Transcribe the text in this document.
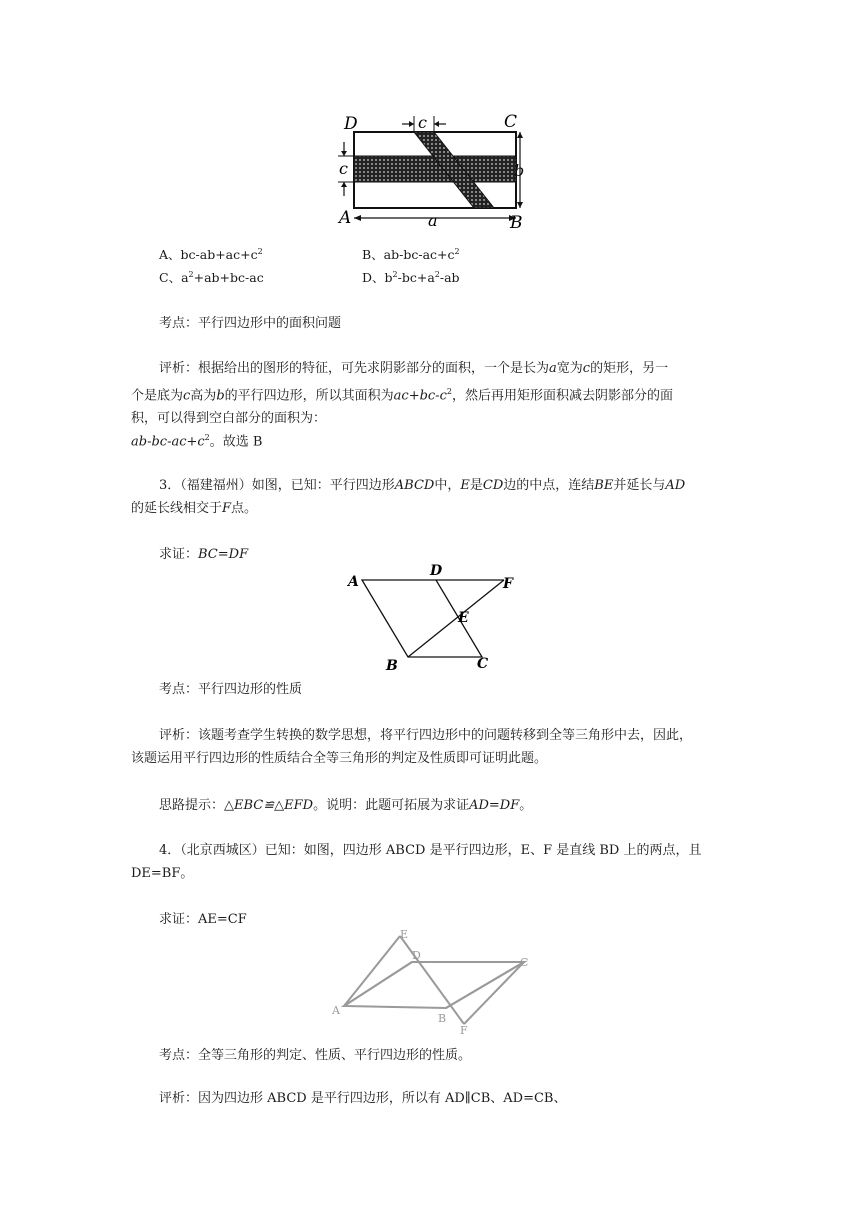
D	c	C
c	b
A	a	B
A、$bc-ab+ac+c^2$	B、$ab-bc-ac+c^2$
C、$a^2+ab+bc-ac$	D、$b^2-bc+a^2-ab$
考点：平行四边形中的面积问题
评析：根据给出的图形的特征，可先求阴影部分的面积，一个是长为a宽为c的矩形，另一
个是底为c高为b的平行四边形，所以其面积为$ac+bc-c^2$，然后再用矩形面积减去阴影部分的面
积，可以得到空白部分的面积为：
$ab-bc-ac+c^2$。故选 B
3．（福建福州）如图，已知：平行四边形ABCD中，E是CD边的中点，连结BE并延长与AD
的延长线相交于F点。
求证：BC=DF
A
D
F
E
B	C
考点：平行四边形的性质
评析：该题考查学生转换的数学思想，将平行四边形中的问题转移到全等三角形中去，因此，
该题运用平行四边形的性质结合全等三角形的判定及性质即可证明此题。
思路提示：△EBC≌△EFD。说明：此题可拓展为求证AD=DF。
4．（北京西城区）已知：如图，四边形 ABCD 是平行四边形，E、F 是直线 BD 上的两点，且
DE=BF。
求证：AE=CF
E
D
C
A
B
F
考点：全等三角形的判定、性质、平行四边形的性质。
评析：因为四边形 ABCD 是平行四边形，所以有 AD∥CB、AD=CB、
